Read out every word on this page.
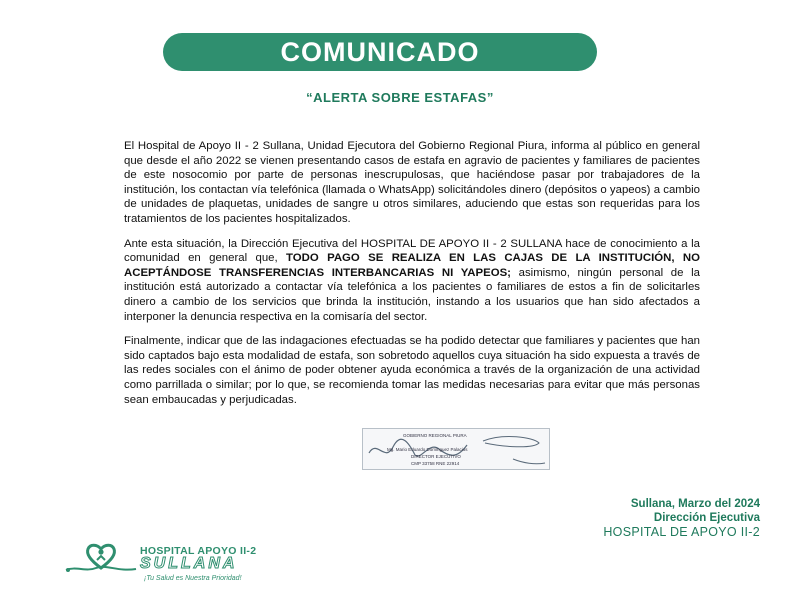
COMUNICADO
“ALERTA SOBRE ESTAFAS”

El Hospital de Apoyo II - 2 Sullana, Unidad Ejecutora del Gobierno Regional Piura, informa al público en general que desde el año 2022 se vienen presentando casos de estafa en agravio de pacientes y familiares de pacientes de este nosocomio por parte de personas inescrupulosas, que haciéndose pasar por trabajadores de la institución, los contactan vía telefónica (llamada o WhatsApp) solicitándoles dinero (depósitos o yapeos) a cambio de unidades de plaquetas, unidades de sangre u otros similares, aduciendo que estas son requeridas para los tratamientos de los pacientes hospitalizados.

Ante esta situación, la Dirección Ejecutiva del HOSPITAL DE APOYO II - 2 SULLANA hace de conocimiento a la comunidad en general que, TODO PAGO SE REALIZA EN LAS CAJAS DE LA INSTITUCIÓN, NO ACEPTÁNDOSE TRANSFERENCIAS INTERBANCARIAS NI YAPEOS; asimismo, ningún personal de la institución está autorizado a contactar vía telefónica a los pacientes o familiares de estos a fin de solicitarles dinero a cambio de los servicios que brinda la institución, instando a los usuarios que han sido afectados a interponer la denuncia respectiva en la comisaría del sector.

Finalmente, indicar que de las indagaciones efectuadas se ha podido detectar que familiares y pacientes que han sido captados bajo esta modalidad de estafa, son sobretodo aquellos cuya situación ha sido expuesta a través de las redes sociales con el ánimo de poder obtener ayuda económica a través de la organización de una actividad como parrillada o similar; por lo que, se recomienda tomar las medidas necesarias para evitar que más personas sean embaucadas y perjudicadas.

GOBIERNO REGIONAL PIURA
Mg. Mario Eduardo Dominguez Palacios
DIRECTOR EJECUTIVO
CMP 33758 RNE 22914
Sullana, Marzo del 2024
Dirección Ejecutiva
HOSPITAL DE APOYO II-2
HOSPITAL APOYO II-2
SULLANA
¡Tu Salud es Nuestra Prioridad!
